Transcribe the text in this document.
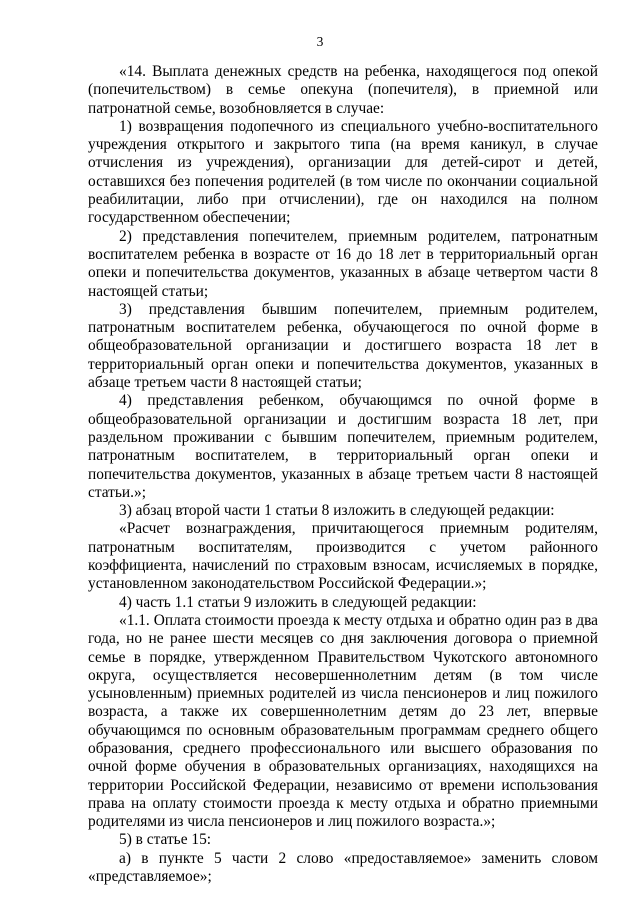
3

«14. Выплата денежных средств на ребенка, находящегося под опекой (попечительством) в семье опекуна (попечителя), в приемной или патронатной семье, возобновляется в случае:

1) возвращения подопечного из специального учебно-воспитательного учреждения открытого и закрытого типа (на время каникул, в случае отчисления из учреждения), организации для детей-сирот и детей, оставшихся без попечения родителей (в том числе по окончании социальной реабилитации, либо при отчислении), где он находился на полном государственном обеспечении;

2) представления попечителем, приемным родителем, патронатным воспитателем ребенка в возрасте от 16 до 18 лет в территориальный орган опеки и попечительства документов, указанных в абзаце четвертом части 8 настоящей статьи;

3) представления бывшим попечителем, приемным родителем, патронатным воспитателем ребенка, обучающегося по очной форме в общеобразовательной организации и достигшего возраста 18 лет в территориальный орган опеки и попечительства документов, указанных в абзаце третьем части 8 настоящей статьи;

4) представления ребенком, обучающимся по очной форме в общеобразовательной организации и достигшим возраста 18 лет, при раздельном проживании с бывшим попечителем, приемным родителем, патронатным воспитателем, в территориальный орган опеки и попечительства документов, указанных в абзаце третьем части 8 настоящей статьи.»;

3) абзац второй части 1 статьи 8 изложить в следующей редакции:

«Расчет вознаграждения, причитающегося приемным родителям, патронатным воспитателям, производится с учетом районного коэффициента, начислений по страховым взносам, исчисляемых в порядке, установленном законодательством Российской Федерации.»;

4) часть 1.1 статьи 9 изложить в следующей редакции:

«1.1. Оплата стоимости проезда к месту отдыха и обратно один раз в два года, но не ранее шести месяцев со дня заключения договора о приемной семье в порядке, утвержденном Правительством Чукотского автономного округа, осуществляется несовершеннолетним детям (в том числе усыновленным) приемных родителей из числа пенсионеров и лиц пожилого возраста, а также их совершеннолетним детям до 23 лет, впервые обучающимся по основным образовательным программам среднего общего образования, среднего профессионального или высшего образования по очной форме обучения в образовательных организациях, находящихся на территории Российской Федерации, независимо от времени использования права на оплату стоимости проезда к месту отдыха и обратно приемными родителями из числа пенсионеров и лиц пожилого возраста.»;

5) в статье 15:

а) в пункте 5 части 2 слово «предоставляемое» заменить словом «представляемое»;
